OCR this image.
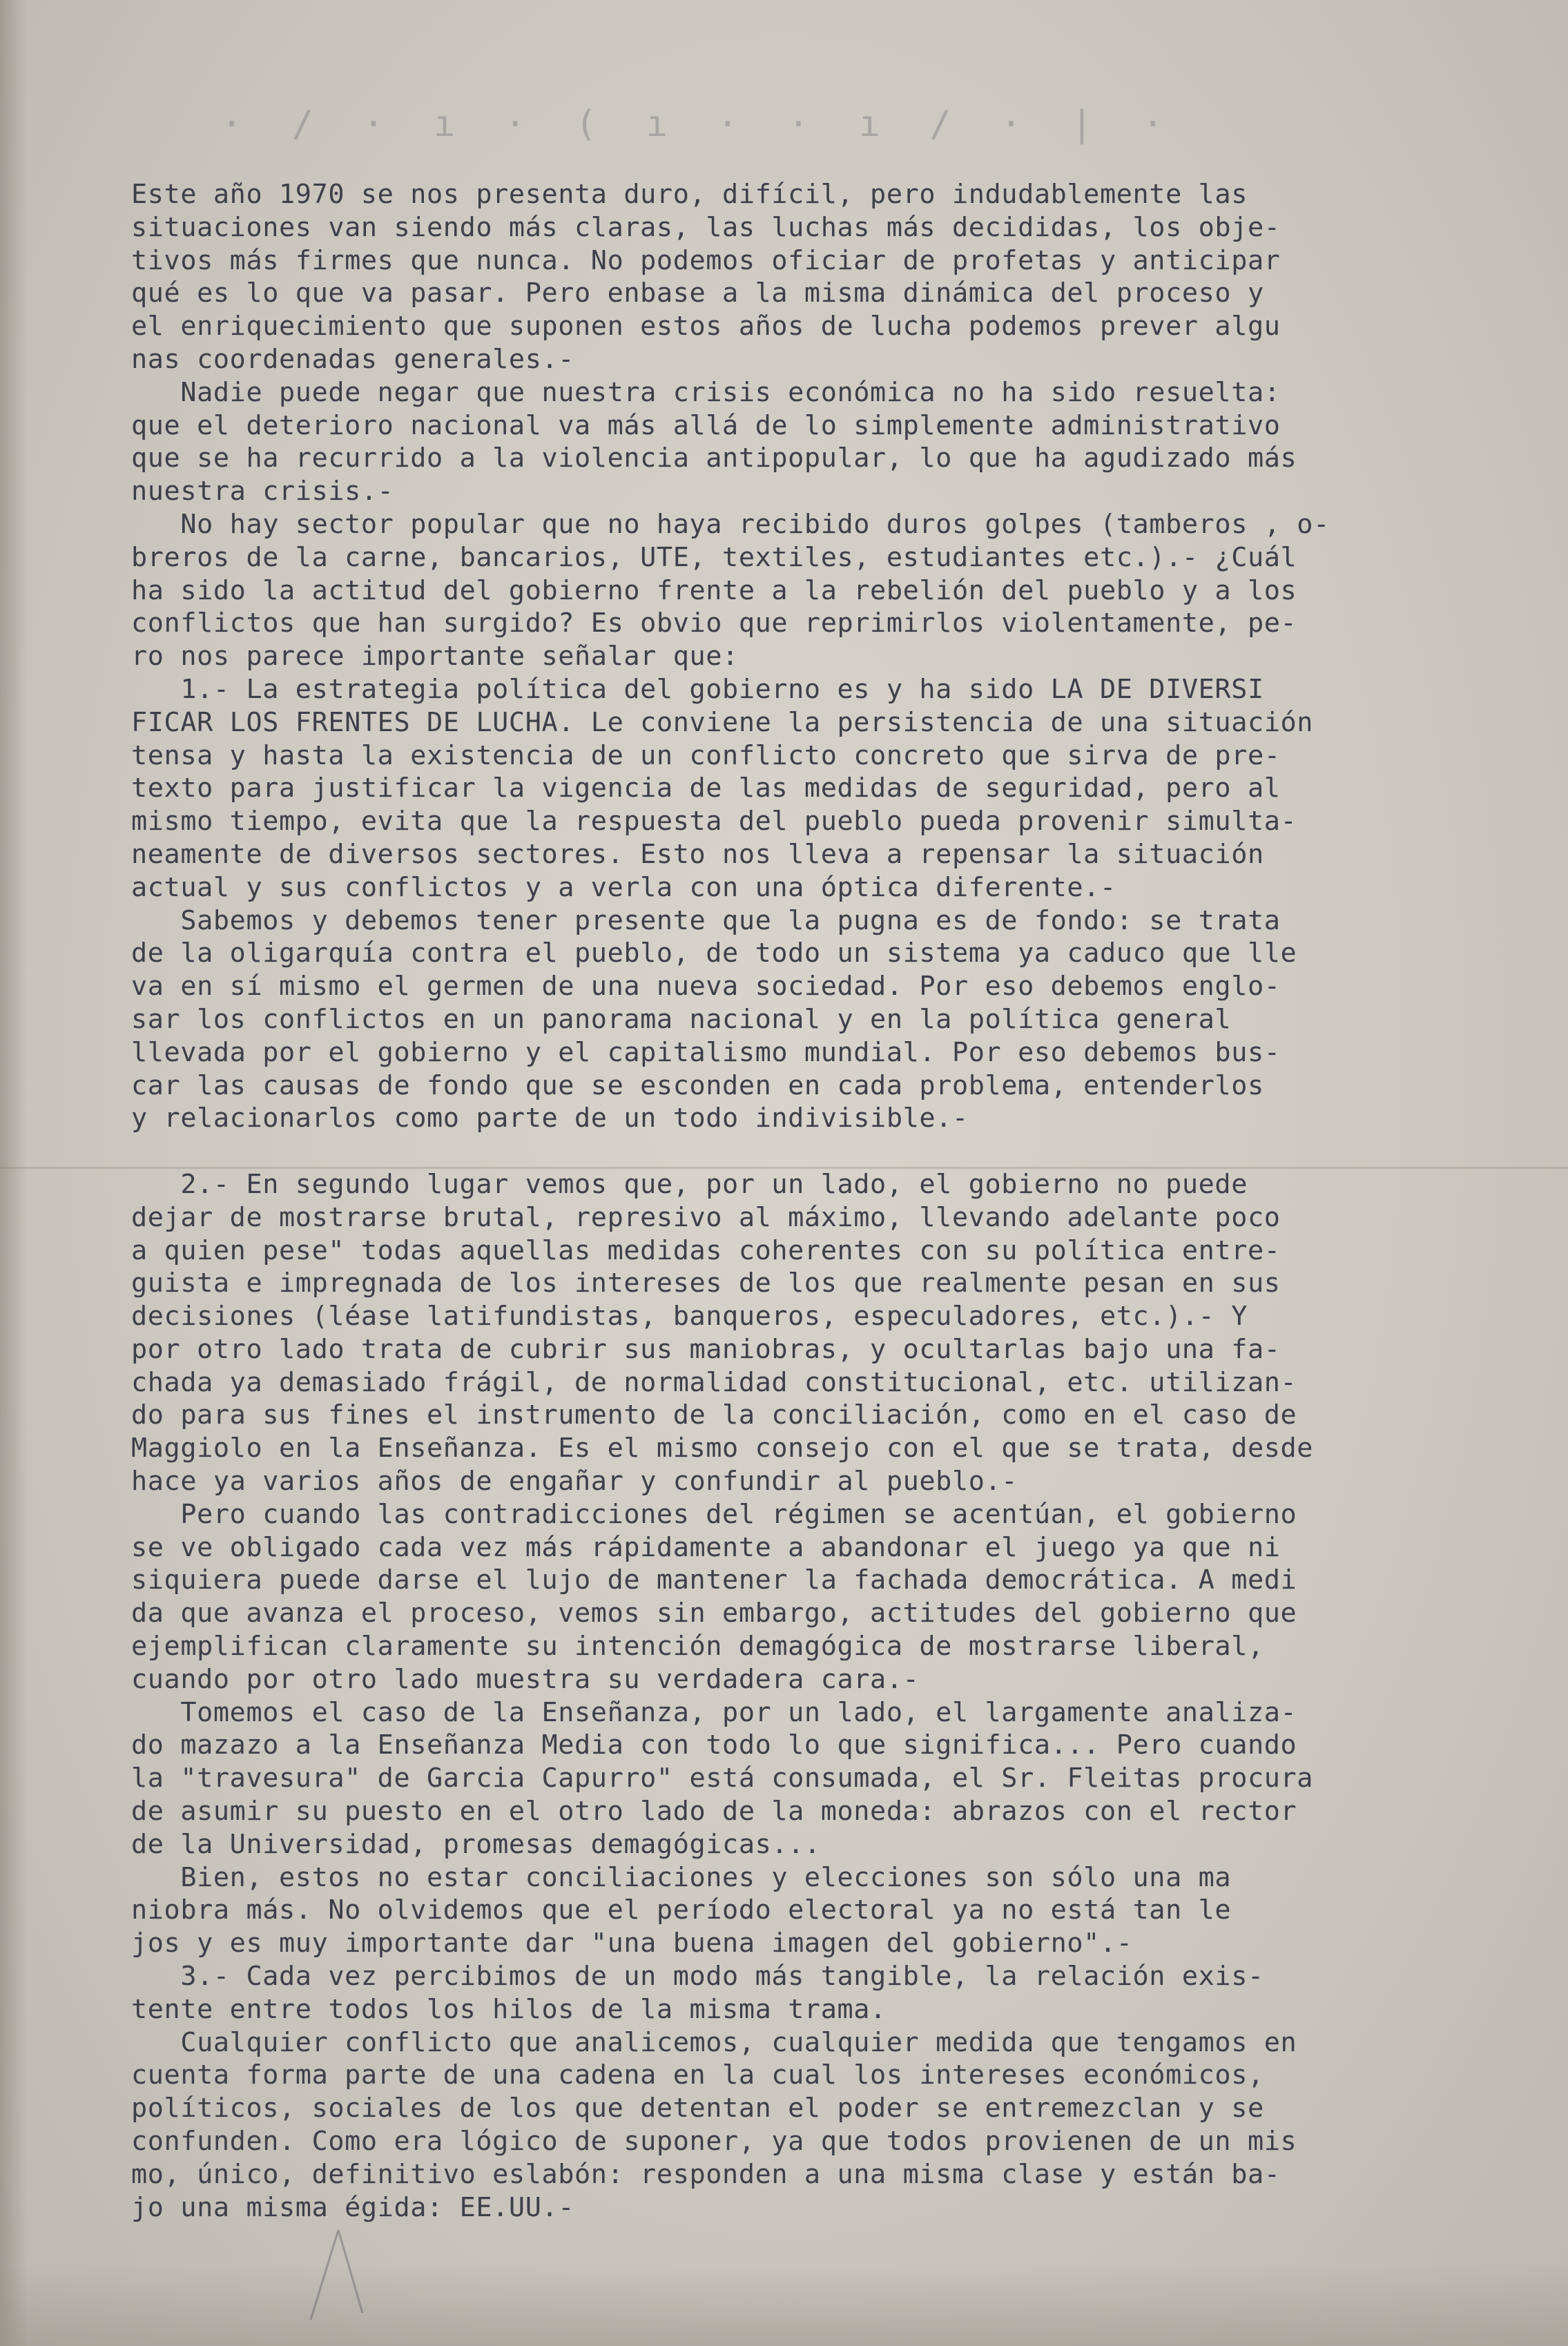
· / · ı · ( ı · · ı / · | ·
Este año 1970 se nos presenta duro, difícil, pero indudablemente las
situaciones van siendo más claras, las luchas más decididas, los obje-
tivos más firmes que nunca. No podemos oficiar de profetas y anticipar
qué es lo que va pasar. Pero enbase a la misma dinámica del proceso y
el enriquecimiento que suponen estos años de lucha podemos prever algu
nas coordenadas generales.-
Nadie puede negar que nuestra crisis económica no ha sido resuelta:
que el deterioro nacional va más allá de lo simplemente administrativo
que se ha recurrido a la violencia antipopular, lo que ha agudizado más
nuestra crisis.-
No hay sector popular que no haya recibido duros golpes (tamberos , o-
breros de la carne, bancarios, UTE, textiles, estudiantes etc.).- ¿Cuál
ha sido la actitud del gobierno frente a la rebelión del pueblo y a los
conflictos que han surgido? Es obvio que reprimirlos violentamente, pe-
ro nos parece importante señalar que:
1.- La estrategia política del gobierno es y ha sido LA DE DIVERSI
FICAR LOS FRENTES DE LUCHA. Le conviene la persistencia de una situación
tensa y hasta la existencia de un conflicto concreto que sirva de pre-
texto para justificar la vigencia de las medidas de seguridad, pero al
mismo tiempo, evita que la respuesta del pueblo pueda provenir simulta-
neamente de diversos sectores. Esto nos lleva a repensar la situación
actual y sus conflictos y a verla con una óptica diferente.-
Sabemos y debemos tener presente que la pugna es de fondo: se trata
de la oligarquía contra el pueblo, de todo un sistema ya caduco que lle
va en sí mismo el germen de una nueva sociedad. Por eso debemos englo-
sar los conflictos en un panorama nacional y en la política general
llevada por el gobierno y el capitalismo mundial. Por eso debemos bus-
car las causas de fondo que se esconden en cada problema, entenderlos
y relacionarlos como parte de un todo indivisible.-
2.- En segundo lugar vemos que, por un lado, el gobierno no puede
dejar de mostrarse brutal, represivo al máximo, llevando adelante poco
a quien pese" todas aquellas medidas coherentes con su política entre-
guista e impregnada de los intereses de los que realmente pesan en sus
decisiones (léase latifundistas, banqueros, especuladores, etc.).- Y
por otro lado trata de cubrir sus maniobras, y ocultarlas bajo una fa-
chada ya demasiado frágil, de normalidad constitucional, etc. utilizan-
do para sus fines el instrumento de la conciliación, como en el caso de
Maggiolo en la Enseñanza. Es el mismo consejo con el que se trata, desde
hace ya varios años de engañar y confundir al pueblo.-
Pero cuando las contradicciones del régimen se acentúan, el gobierno
se ve obligado cada vez más rápidamente a abandonar el juego ya que ni
siquiera puede darse el lujo de mantener la fachada democrática. A medi
da que avanza el proceso, vemos sin embargo, actitudes del gobierno que
ejemplifican claramente su intención demagógica de mostrarse liberal,
cuando por otro lado muestra su verdadera cara.-
Tomemos el caso de la Enseñanza, por un lado, el largamente analiza-
do mazazo a la Enseñanza Media con todo lo que significa... Pero cuando
la "travesura" de Garcia Capurro" está consumada, el Sr. Fleitas procura
de asumir su puesto en el otro lado de la moneda: abrazos con el rector
de la Universidad, promesas demagógicas...
Bien, estos no estar conciliaciones y elecciones son sólo una ma
niobra más. No olvidemos que el período electoral ya no está tan le
jos y es muy importante dar "una buena imagen del gobierno".-
3.- Cada vez percibimos de un modo más tangible, la relación exis-
tente entre todos los hilos de la misma trama.
Cualquier conflicto que analicemos, cualquier medida que tengamos en
cuenta forma parte de una cadena en la cual los intereses económicos,
políticos, sociales de los que detentan el poder se entremezclan y se
confunden. Como era lógico de suponer, ya que todos provienen de un mis
mo, único, definitivo eslabón: responden a una misma clase y están ba-
jo una misma égida: EE.UU.-
